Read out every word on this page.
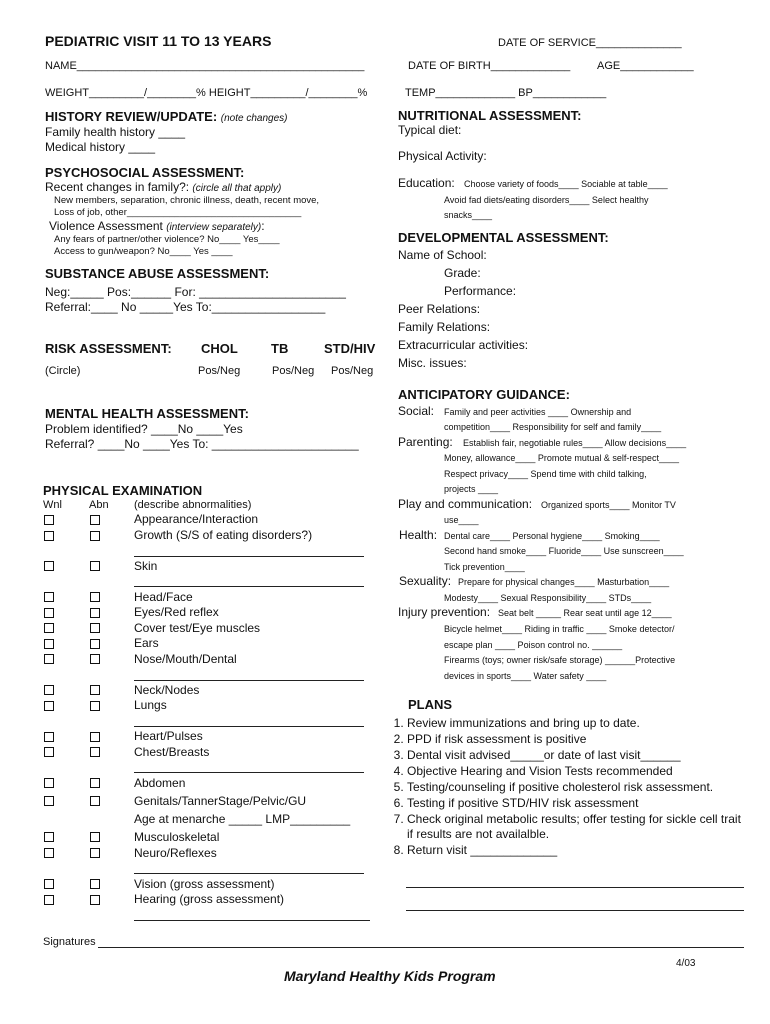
PEDIATRIC VISIT 11 TO 13 YEARS	DATE OF SERVICE______________
NAME_______________________________________________	DATE OF BIRTH_____________ AGE____________
WEIGHT_________/________% HEIGHT_________/________%	TEMP_____________ BP____________
HISTORY REVIEW/UPDATE: (note changes)
Family health history ____
Medical history ____
PSYCHOSOCIAL ASSESSMENT:
Recent changes in family?: (circle all that apply)
New members, separation, chronic illness, death, recent move,
Loss of job, other_________________________________
Violence Assessment (interview separately):
Any fears of partner/other violence? No____ Yes____
Access to gun/weapon? No____ Yes ____
SUBSTANCE ABUSE ASSESSMENT:
Neg:_____ Pos:______ For: ______________________
Referral:____ No _____Yes To:_________________
RISK ASSESSMENT: CHOL	TB	STD/HIV
(Circle)	Pos/Neg	Pos/Neg Pos/Neg
MENTAL HEALTH ASSESSMENT:
Problem identified? ____No ____Yes
Referral? ____No ____Yes To: ______________________
PHYSICAL EXAMINATION
Wnl Abn (describe abnormalities)
Appearance/Interaction
Growth (S/S of eating disorders?)
Skin
Head/Face
Eyes/Red reflex
Cover test/Eye muscles
Ears
Nose/Mouth/Dental
Neck/Nodes
Lungs
Heart/Pulses
Chest/Breasts
Abdomen
Genitals/TannerStage/Pelvic/GU
Age at menarche _____ LMP_________
Musculoskeletal
Neuro/Reflexes
Vision (gross assessment)
Hearing (gross assessment)
NUTRITIONAL ASSESSMENT:
Typical diet:
Physical Activity:
Education: Choose variety of foods____ Sociable at table____
Avoid fad diets/eating disorders____ Select healthy
snacks____
DEVELOPMENTAL ASSESSMENT:
Name of School:
Grade:
Performance:
Peer Relations:
Family Relations:
Extracurricular activities:
Misc. issues:
ANTICIPATORY GUIDANCE:
Social: Family and peer activities ____ Ownership and
competition____ Responsibility for self and family____
Parenting: Establish fair, negotiable rules____ Allow decisions____
Money, allowance____ Promote mutual & self-respect____
Respect privacy____ Spend time with child talking,
projects ____
Play and communication: Organized sports____ Monitor TV
use____
Health: Dental care____ Personal hygiene____ Smoking____
Second hand smoke____ Fluoride____ Use sunscreen____
Tick prevention____
Sexuality: Prepare for physical changes____ Masturbation____
Modesty____ Sexual Responsibility____ STDs____
Injury prevention: Seat belt _____ Rear seat until age 12____
Bicycle helmet____ Riding in traffic ____ Smoke detector/
escape plan ____ Poison control no. ______
Firearms (toys; owner risk/safe storage) ______Protective
devices in sports____ Water safety ____
PLANS
1. Review immunizations and bring up to date.
2. PPD if risk assessment is positive
3. Dental visit advised_____or date of last visit______
4. Objective Hearing and Vision Tests recommended
5. Testing/counseling if positive cholesterol risk assessment.
6. Testing if positive STD/HIV risk assessment
7. Check original metabolic results; offer testing for sickle cell trait if results are not availalble.
8. Return visit _____________
Signatures
4/03
Maryland Healthy Kids Program
